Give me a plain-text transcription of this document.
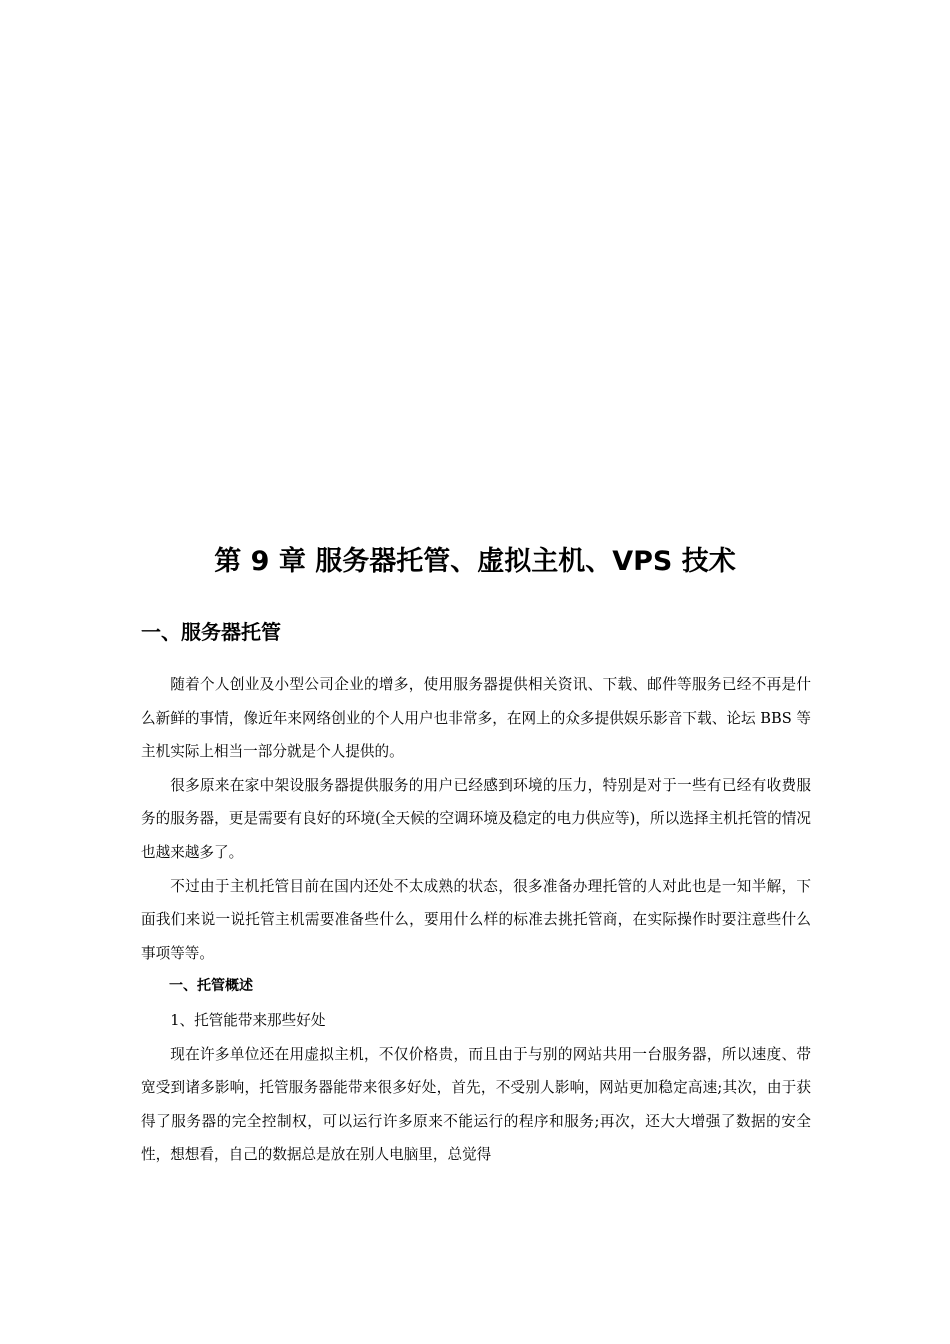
第 9 章 服务器托管、虚拟主机、VPS 技术
一、服务器托管

随着个人创业及小型公司企业的增多，使用服务器提供相关资讯、下载、邮件等服务已经不再是什么新鲜的事情，像近年来网络创业的个人用户也非常多，在网上的众多提供娱乐影音下载、论坛 BBS 等主机实际上相当一部分就是个人提供的。

很多原来在家中架设服务器提供服务的用户已经感到环境的压力，特别是对于一些有已经有收费服务的服务器，更是需要有良好的环境(全天候的空调环境及稳定的电力供应等)，所以选择主机托管的情况也越来越多了。

不过由于主机托管目前在国内还处不太成熟的状态，很多准备办理托管的人对此也是一知半解，下面我们来说一说托管主机需要准备些什么，要用什么样的标准去挑托管商，在实际操作时要注意些什么事项等等。

一、托管概述

1、托管能带来那些好处

现在许多单位还在用虚拟主机，不仅价格贵，而且由于与别的网站共用一台服务器，所以速度、带宽受到诸多影响，托管服务器能带来很多好处，首先，不受别人影响，网站更加稳定高速;其次，由于获得了服务器的完全控制权，可以运行许多原来不能运行的程序和服务;再次，还大大增强了数据的安全性，想想看，自己的数据总是放在别人电脑里，总觉得
